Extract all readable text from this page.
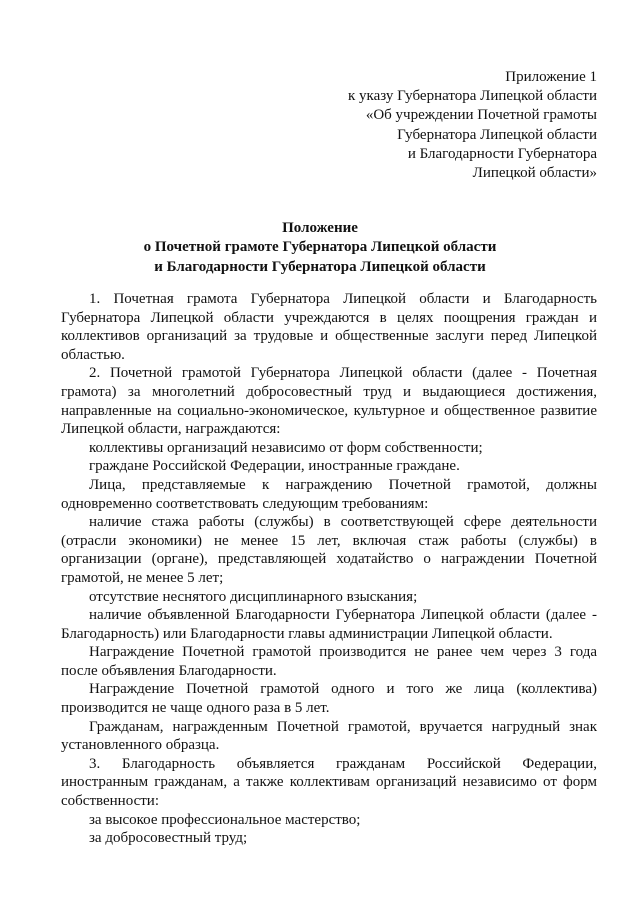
Приложение 1
к указу Губернатора Липецкой области
«Об учреждении Почетной грамоты
Губернатора Липецкой области
и Благодарности Губернатора
Липецкой области»
Положение
о Почетной грамоте Губернатора Липецкой области
и Благодарности Губернатора Липецкой области

1. Почетная грамота Губернатора Липецкой области и Благодарность Губернатора Липецкой области учреждаются в целях поощрения граждан и коллективов организаций за трудовые и общественные заслуги перед Липецкой областью.

2. Почетной грамотой Губернатора Липецкой области (далее - Почетная грамота) за многолетний добросовестный труд и выдающиеся достижения, направленные на социально-экономическое, культурное и общественное развитие Липецкой области, награждаются:

коллективы организаций независимо от форм собственности;

граждане Российской Федерации, иностранные граждане.

Лица, представляемые к награждению Почетной грамотой, должны одновременно соответствовать следующим требованиям:

наличие стажа работы (службы) в соответствующей сфере деятельности (отрасли экономики) не менее 15 лет, включая стаж работы (службы) в организации (органе), представляющей ходатайство о награждении Почетной грамотой, не менее 5 лет;

отсутствие неснятого дисциплинарного взыскания;

наличие объявленной Благодарности Губернатора Липецкой области (далее - Благодарность) или Благодарности главы администрации Липецкой области.

Награждение Почетной грамотой производится не ранее чем через 3 года после объявления Благодарности.

Награждение Почетной грамотой одного и того же лица (коллектива) производится не чаще одного раза в 5 лет.

Гражданам, награжденным Почетной грамотой, вручается нагрудный знак установленного образца.

3. Благодарность объявляется гражданам Российской Федерации, иностранным гражданам, а также коллективам организаций независимо от форм собственности:

за высокое профессиональное мастерство;

за добросовестный труд;
